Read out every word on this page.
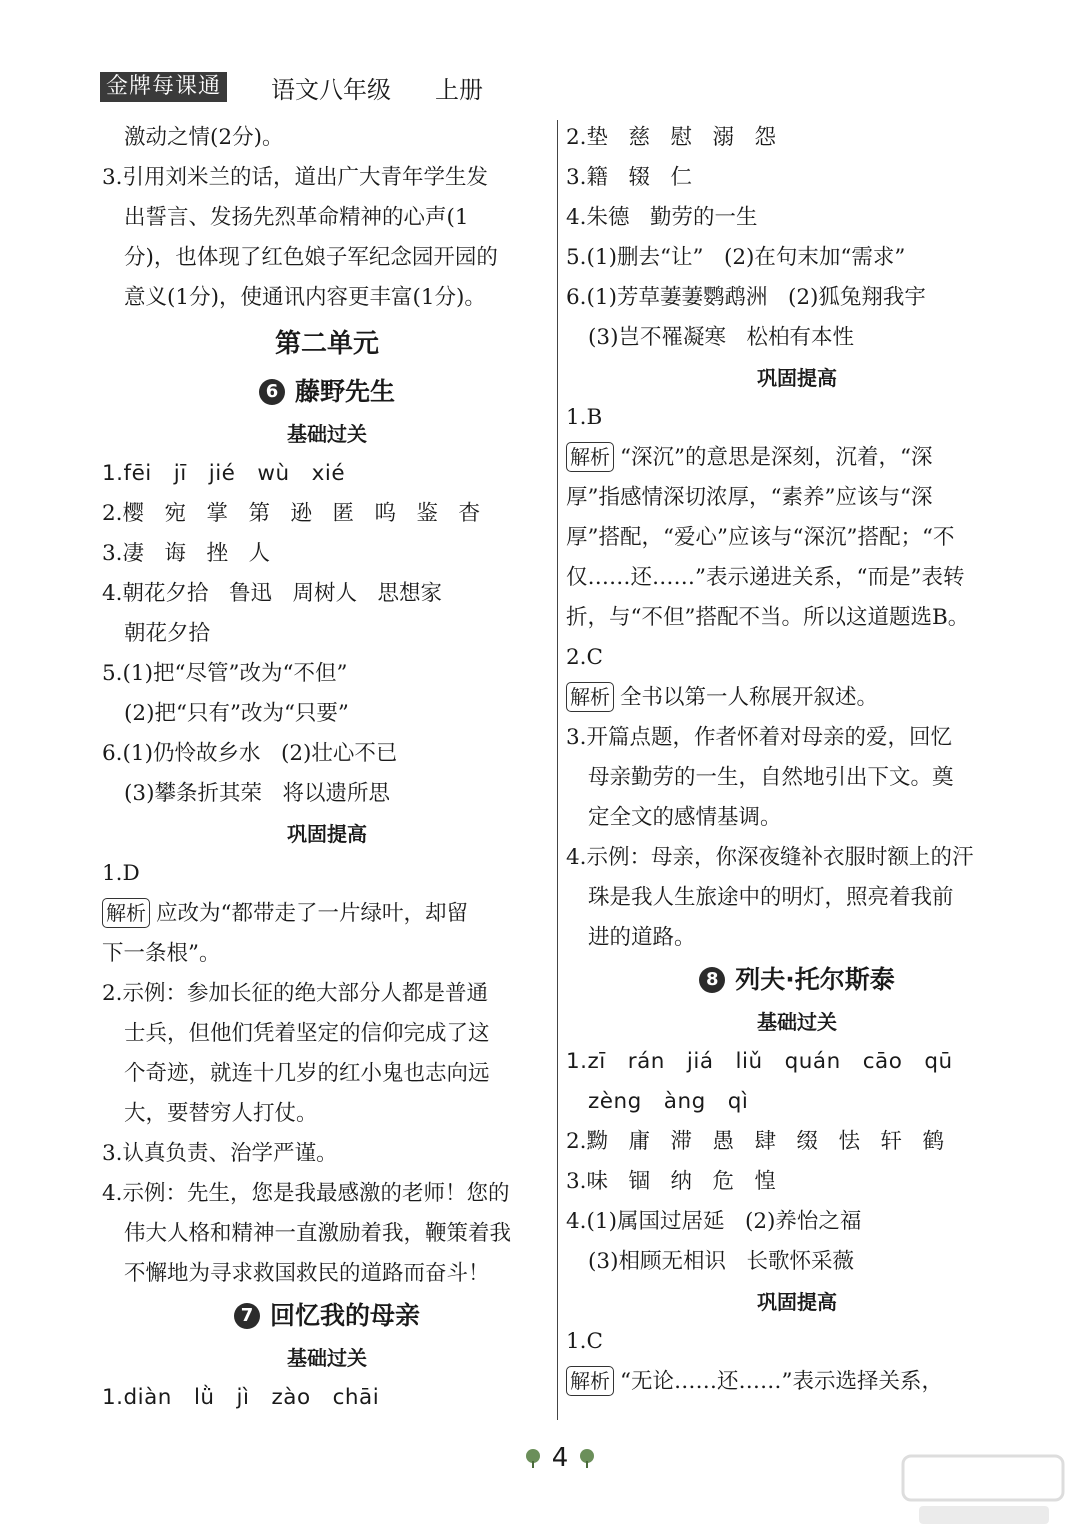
金牌每课通 语文八年级 上册
激动之情(2分)。
3.引用刘米兰的话，道出广大青年学生发
出誓言、发扬先烈革命精神的心声(1
分)，也体现了红色娘子军纪念园开园的
意义(1分)，使通讯内容更丰富(1分)。
第二单元
6 藤野先生
基础过关
1.fēi   jī   jié   wù   xié
2.樱   宛   掌   第   逊   匿   呜   鉴   杳
3.凄   诲   挫   人
4.朝花夕拾   鲁迅   周树人   思想家
朝花夕拾
5.(1)把“尽管”改为“不但”
(2)把“只有”改为“只要”
6.(1)仍怜故乡水   (2)壮心不已
(3)攀条折其荣   将以遗所思
巩固提高
1.D
解析 应改为“都带走了一片绿叶，却留
下一条根”。
2.示例：参加长征的绝大部分人都是普通
士兵，但他们凭着坚定的信仰完成了这
个奇迹，就连十几岁的红小鬼也志向远
大，要替穷人打仗。
3.认真负责、治学严谨。
4.示例：先生，您是我最感激的老师！您的
伟大人格和精神一直激励着我，鞭策着我
不懈地为寻求救国救民的道路而奋斗！
7 回忆我的母亲
基础过关
1.diàn   lǜ   jì   zào   chāi
2.垫   慈   慰   溺   怨
3.籍   辍   仁
4.朱德   勤劳的一生
5.(1)删去“让”   (2)在句末加“需求”
6.(1)芳草萋萋鹦鹉洲   (2)狐兔翔我宇
(3)岂不罹凝寒   松柏有本性
巩固提高
1.B
解析 “深沉”的意思是深刻，沉着，“深
厚”指感情深切浓厚，“素养”应该与“深
厚”搭配，“爱心”应该与“深沉”搭配；“不
仅……还……”表示递进关系，“而是”表转
折，与“不但”搭配不当。所以这道题选B。
2.C
解析 全书以第一人称展开叙述。
3.开篇点题，作者怀着对母亲的爱，回忆
母亲勤劳的一生，自然地引出下文。奠
定全文的感情基调。
4.示例：母亲，你深夜缝补衣服时额上的汗
珠是我人生旅途中的明灯，照亮着我前
进的道路。
8 列夫·托尔斯泰
基础过关
1.zī   rán   jiá   liǔ   quán   cāo   qū
zèng   àng   qì
2.黝   庸   滞   愚   肆   缀   怯   轩   鹤
3.味   锢   纳   危   惶
4.(1)属国过居延   (2)养怡之福
(3)相顾无相识   长歌怀采薇
巩固提高
1.C
解析 “无论……还……”表示选择关系，
4
